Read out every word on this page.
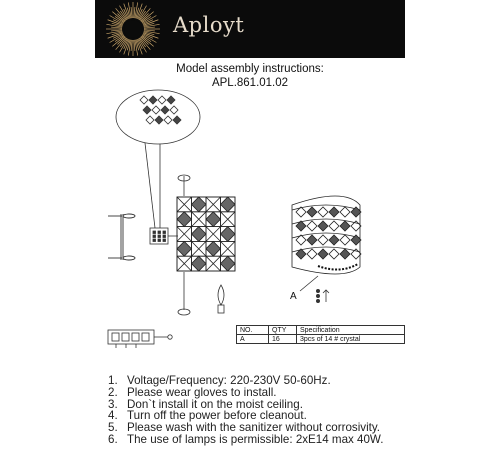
Aployt
Model assembly instructions:
APL.861.01.02
A
NO.	QTY	Specification
A	16	3pcs of 14 # crystal
1. Voltage/Frequency: 220-230V 50-60Hz.
2. Please wear gloves to install.
3. Don`t install it on the moist ceiling.
4. Turn off the power before cleanout.
5. Please wash with the sanitizer without corrosivity.
6. The use of lamps is permissible: 2xE14 max 40W.
